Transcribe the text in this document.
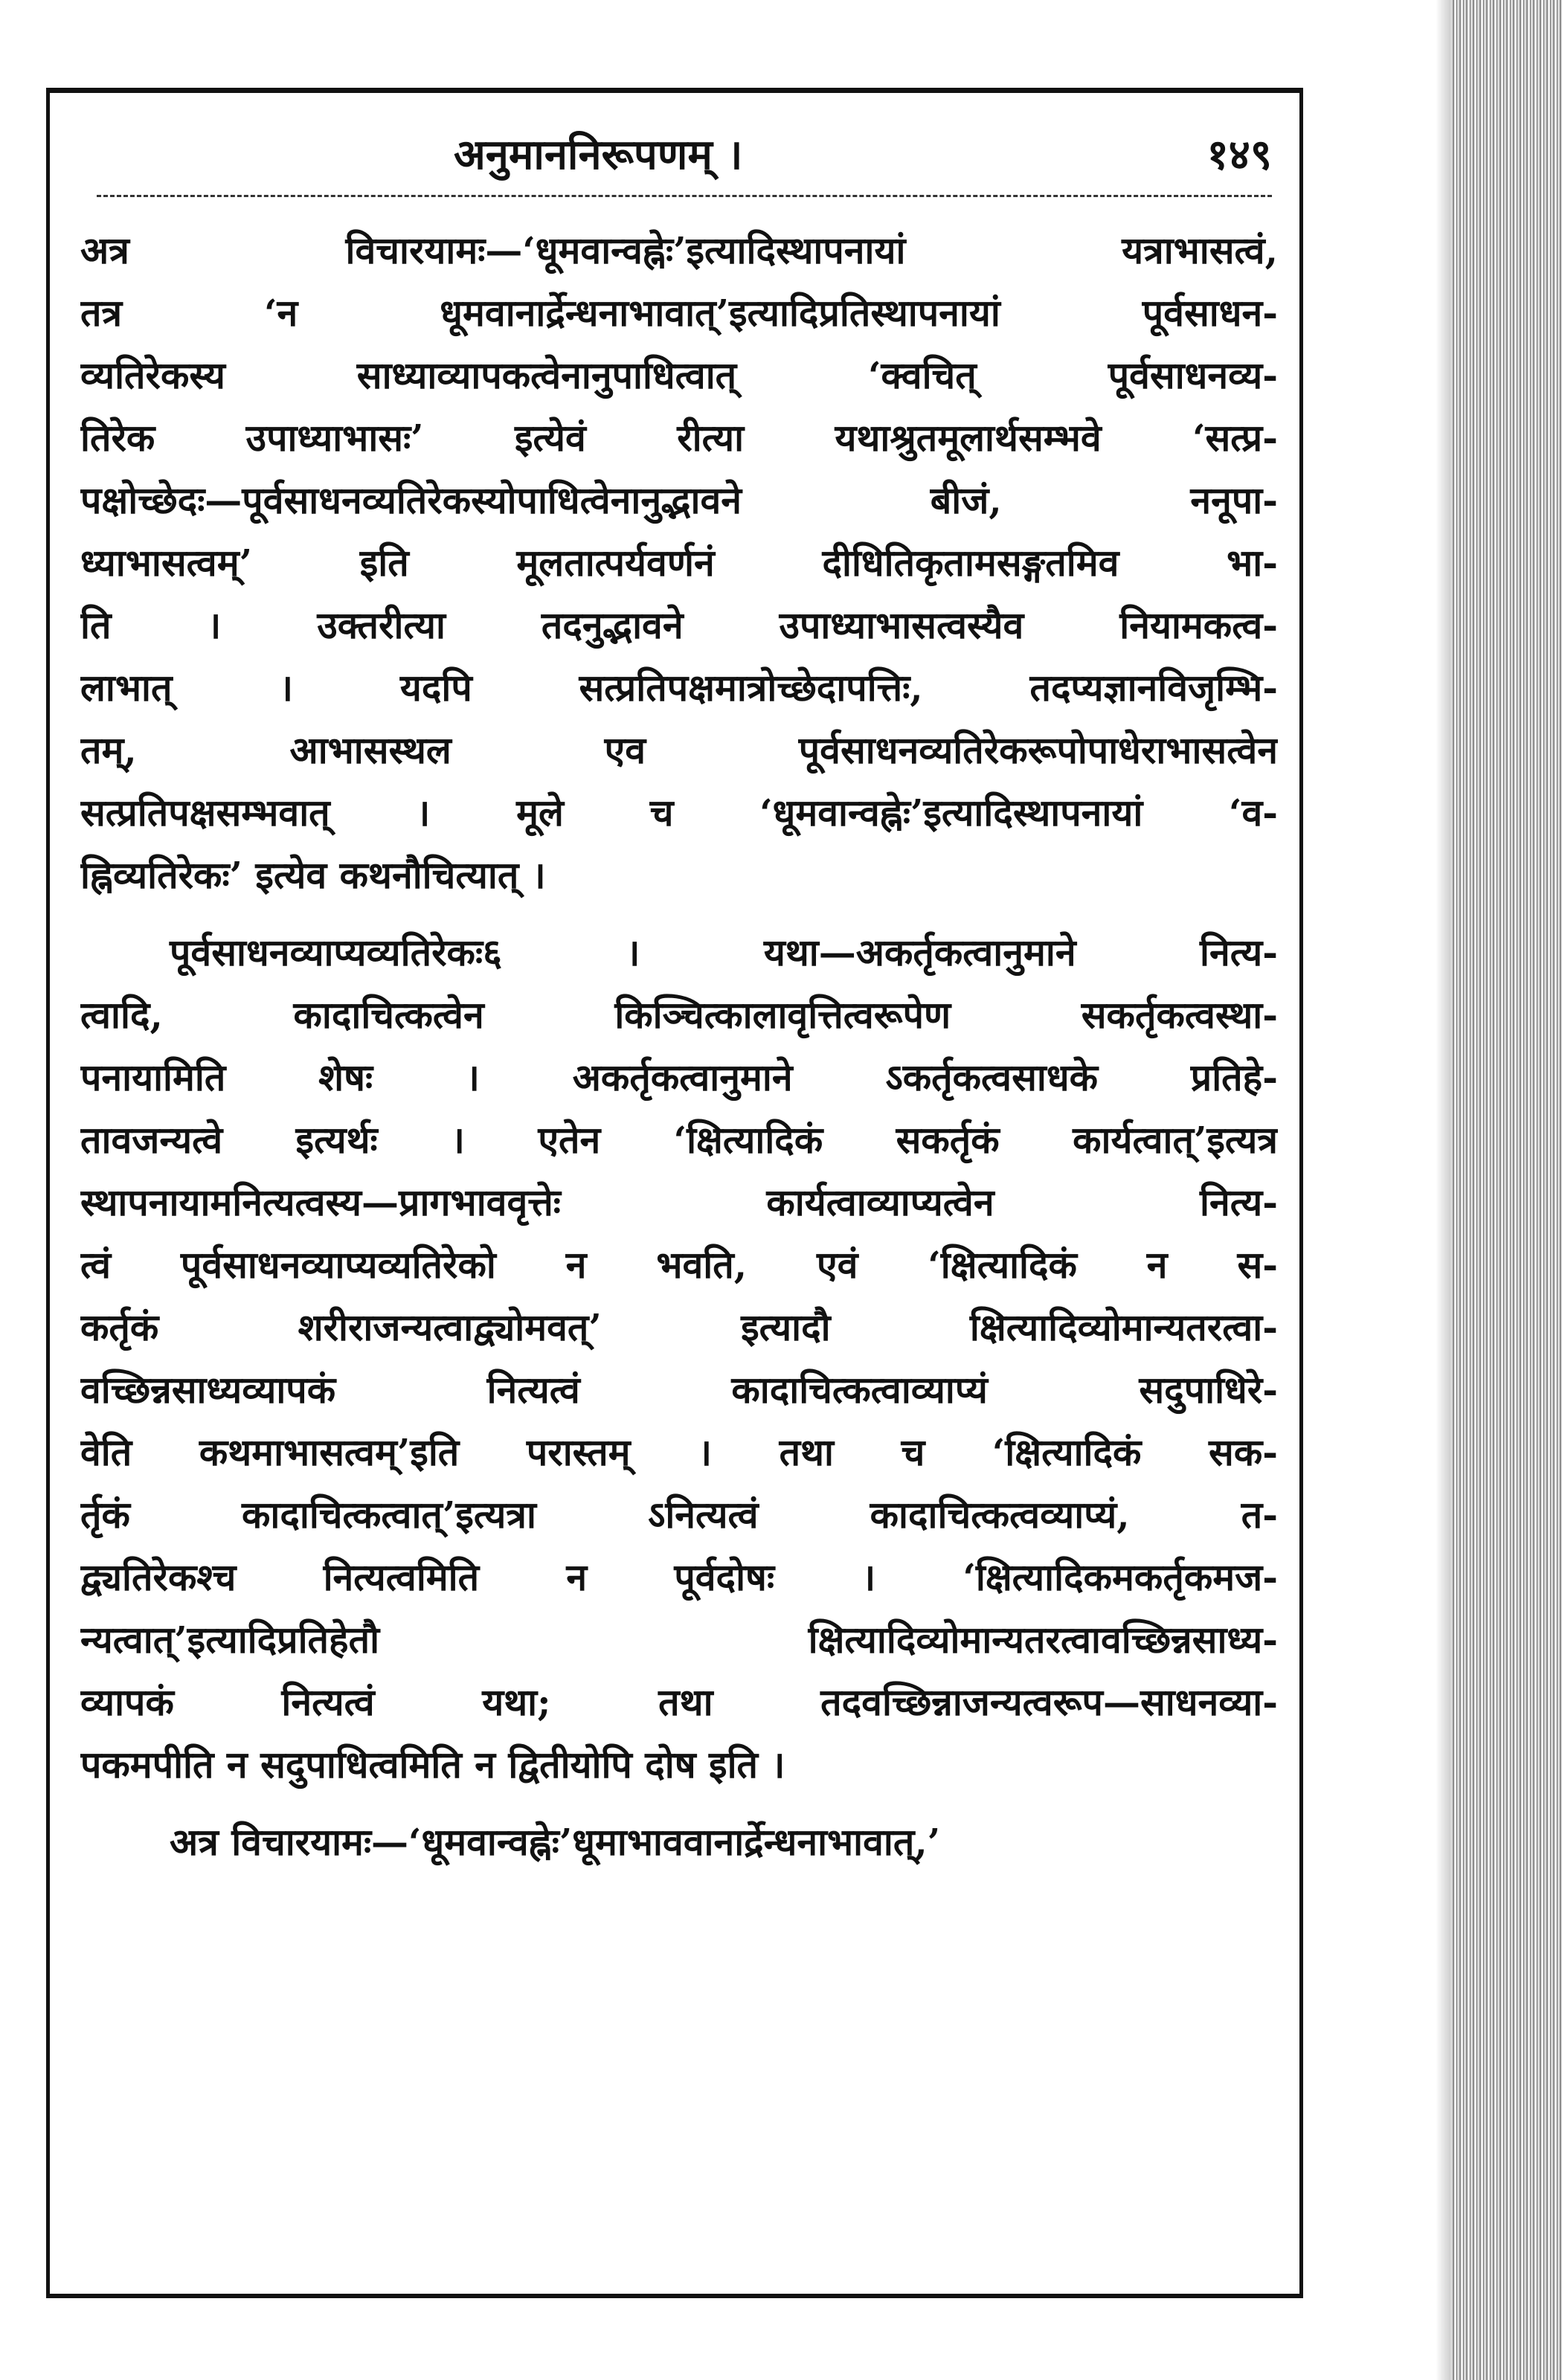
अनुमाननिरूपणम् ।	१४९
अत्र विचारयामः—‘धूमवान्वह्नेः’इत्यादिस्थापनायां यत्राभासत्वं,
तत्र ‘न धूमवानार्द्रेन्धनाभावात्’इत्यादिप्रतिस्थापनायां पूर्वसाधन-
व्यतिरेकस्य साध्याव्यापकत्वेनानुपाधित्वात् ‘क्वचित् पूर्वसाधनव्य-
तिरेक उपाध्याभासः’ इत्येवं रीत्या यथाश्रुतमूलार्थसम्भवे ‘सत्प्र-
पक्षोच्छेदः—पूर्वसाधनव्यतिरेकस्योपाधित्वेनानुद्भावने बीजं, ननूपा-
ध्याभासत्वम्’ इति मूलतात्पर्यवर्णनं दीधितिकृतामसङ्गतमिव भा-
ति । उक्तरीत्या तदनुद्भावने उपाध्याभासत्वस्यैव नियामकत्व-
लाभात् । यदपि सत्प्रतिपक्षमात्रोच्छेदापत्तिः, तदप्यज्ञानविजृम्भि-
तम्, आभासस्थल एव पूर्वसाधनव्यतिरेकरूपोपाधेराभासत्वेन
सत्प्रतिपक्षसम्भवात् । मूले च ‘धूमवान्वह्नेः’इत्यादिस्थापनायां ‘व-
ह्निव्यतिरेकः’ इत्येव कथनौचित्यात् ।
पूर्वसाधनव्याप्यव्यतिरेकः६ । यथा—अकर्तृकत्वानुमाने नित्य-
त्वादि, कादाचित्कत्वेन किञ्चित्कालावृत्तित्वरूपेण सकर्तृकत्वस्था-
पनायामिति शेषः । अकर्तृकत्वानुमाने ऽकर्तृकत्वसाधके प्रतिहे-
तावजन्यत्वे इत्यर्थः । एतेन ‘क्षित्यादिकं सकर्तृकं कार्यत्वात्’इत्यत्र
स्थापनायामनित्यत्वस्य—प्रागभाववृत्तेः कार्यत्वाव्याप्यत्वेन नित्य-
त्वं पूर्वसाधनव्याप्यव्यतिरेको न भवति, एवं ‘क्षित्यादिकं न स-
कर्तृकं शरीराजन्यत्वाद्व्योमवत्’ इत्यादौ क्षित्यादिव्योमान्यतरत्वा-
वच्छिन्नसाध्यव्यापकं नित्यत्वं कादाचित्कत्वाव्याप्यं सदुपाधिरे-
वेति कथमाभासत्वम्’इति परास्तम् । तथा च ‘क्षित्यादिकं सक-
र्तृकं कादाचित्कत्वात्’इत्यत्रा ऽनित्यत्वं कादाचित्कत्वव्याप्यं, त-
द्व्यतिरेकश्च नित्यत्वमिति न पूर्वदोषः । ‘क्षित्यादिकमकर्तृकमज-
न्यत्वात्’इत्यादिप्रतिहेतौ क्षित्यादिव्योमान्यतरत्वावच्छिन्नसाध्य-
व्यापकं नित्यत्वं यथा; तथा तदवच्छिन्नाजन्यत्वरूप—साधनव्या-
पकमपीति न सदुपाधित्वमिति न द्वितीयोपि दोष इति ।
अत्र विचारयामः—‘धूमवान्वह्नेः’धूमाभाववानार्द्रेन्धनाभावात्,’
